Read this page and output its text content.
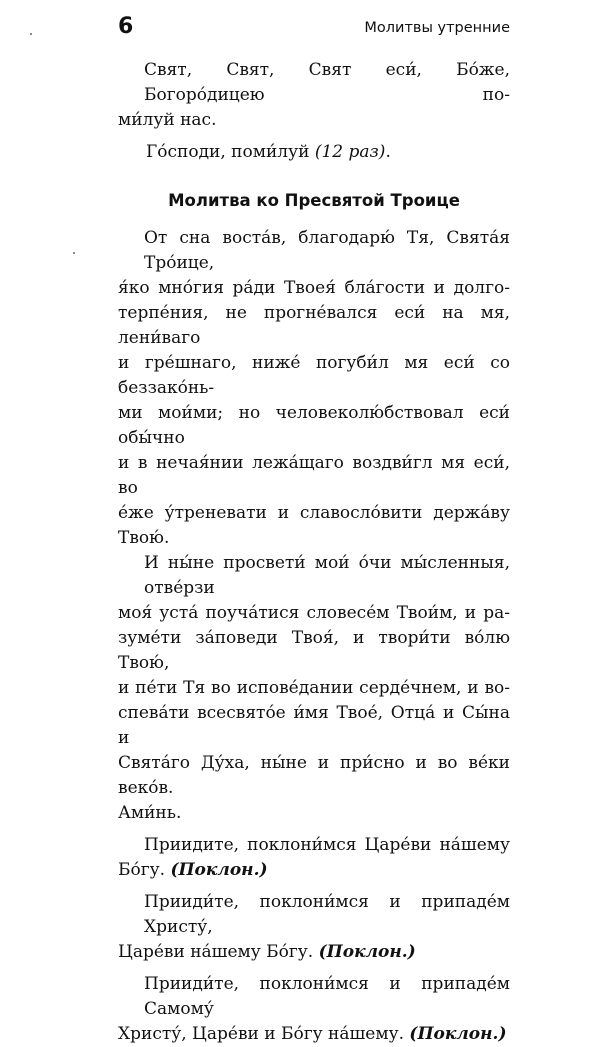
6	Молитвы утренние
Свят, Свят, Свят еси́, Бо́же, Богоро́дицею по-
ми́луй нас.
Го́споди, поми́луй (12 раз).
Молитва ко Пресвятой Троице
От сна воста́в, благодарю́ Тя, Свята́я Тро́ице,
я́ко мно́гия ра́ди Твоея́ бла́гости и долго-
терпе́ния, не прогне́вался еси́ на мя, лени́ваго
и гре́шнаго, ниже́ погуби́л мя еси́ со беззако́нь-
ми мои́ми; но человеколю́бствовал еси́ обы́чно
и в нечая́нии лежа́щаго воздви́гл мя еси́, во
е́же у́треневати и славосло́вити держа́ву Твою́.
И ны́не просвети́ мои́ о́чи мы́сленныя, отве́рзи
моя́ уста́ поуча́тися словесе́м Твои́м, и ра-
зуме́ти за́поведи Твоя́, и твори́ти во́лю Твою́,
и пе́ти Тя во испове́дании серде́чнем, и во-
спева́ти всесвято́е и́мя Твое́, Отца́ и Сы́на и
Свята́го Ду́ха, ны́не и при́сно и во ве́ки веко́в.
Ами́нь.
Приидите, поклони́мся Царе́ви на́шему
Бо́гу. (Поклон.)
Прииди́те, поклони́мся и припаде́м Христу́,
Царе́ви на́шему Бо́гу. (Поклон.)
Прииди́те, поклони́мся и припаде́м Самому́
Христу́, Царе́ви и Бо́гу на́шему. (Поклон.)
